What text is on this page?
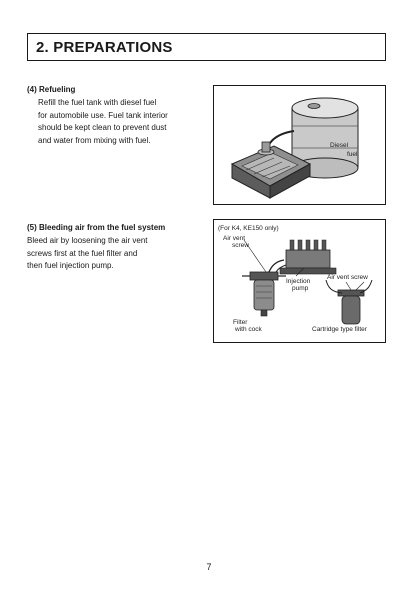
2. PREPARATIONS
(4) Refueling
Refill the fuel tank with diesel fuel
for automobile use. Fuel tank interior
should be kept clean to prevent dust
and water from mixing with fuel.
Diesel
fuel
(5) Bleeding air from the fuel system
Bleed air by loosening the air vent
screws first at the fuel filter and
then fuel injection pump.
(For K4, KE150 only)
Air vent
screw
Injection
pump
Air vent screw
Filter
with cock	Cartridge type filter
7
